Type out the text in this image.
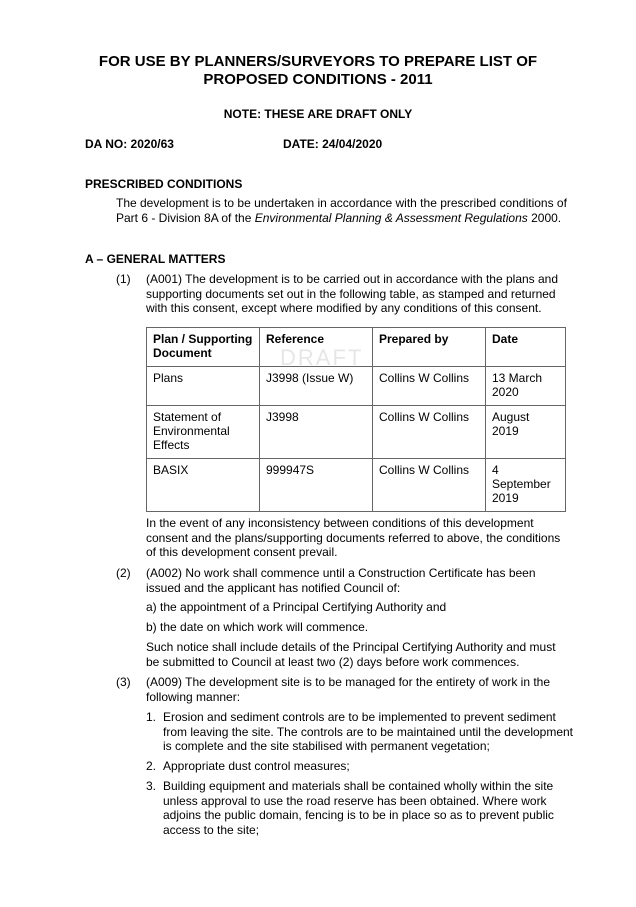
FOR USE BY PLANNERS/SURVEYORS TO PREPARE LIST OF PROPOSED CONDITIONS - 2011
NOTE: THESE ARE DRAFT ONLY
DA NO: 2020/63	DATE: 24/04/2020
PRESCRIBED CONDITIONS
The development is to be undertaken in accordance with the prescribed conditions of Part 6 - Division 8A of the Environmental Planning & Assessment Regulations 2000.
A – GENERAL MATTERS
(1) (A001) The development is to be carried out in accordance with the plans and supporting documents set out in the following table, as stamped and returned with this consent, except where modified by any conditions of this consent.
Plan / Supporting Document	Reference	Prepared by	Date
Plans	J3998 (Issue W)	Collins W Collins	13 March 2020
Statement of Environmental Effects	J3998	Collins W Collins	August 2019
BASIX	999947S	Collins W Collins	4 September 2019
DRAFT
In the event of any inconsistency between conditions of this development consent and the plans/supporting documents referred to above, the conditions of this development consent prevail.
(2) (A002) No work shall commence until a Construction Certificate has been issued and the applicant has notified Council of:
a) the appointment of a Principal Certifying Authority and
b) the date on which work will commence.
Such notice shall include details of the Principal Certifying Authority and must be submitted to Council at least two (2) days before work commences.
(3) (A009) The development site is to be managed for the entirety of work in the following manner:
1. Erosion and sediment controls are to be implemented to prevent sediment from leaving the site. The controls are to be maintained until the development is complete and the site stabilised with permanent vegetation;
2. Appropriate dust control measures;
3. Building equipment and materials shall be contained wholly within the site unless approval to use the road reserve has been obtained. Where work adjoins the public domain, fencing is to be in place so as to prevent public access to the site;
